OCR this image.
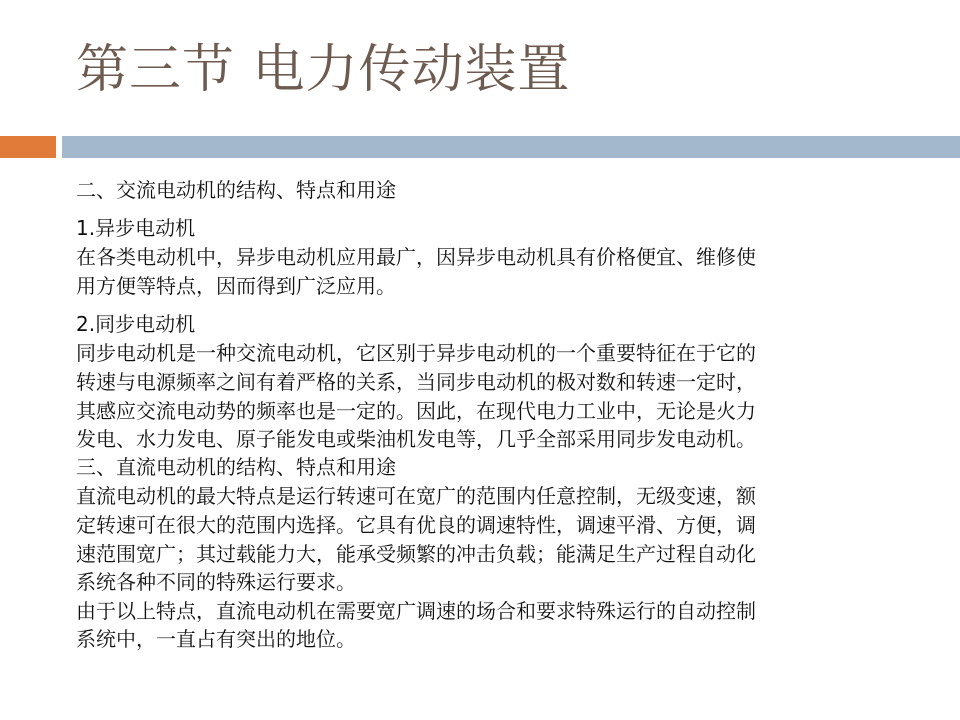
第三节 电力传动装置
二、交流电动机的结构、特点和用途
1.异步电动机
在各类电动机中，异步电动机应用最广，因异步电动机具有价格便宜、维修使
用方便等特点，因而得到广泛应用。
2.同步电动机
同步电动机是一种交流电动机，它区别于异步电动机的一个重要特征在于它的
转速与电源频率之间有着严格的关系，当同步电动机的极对数和转速一定时，
其感应交流电动势的频率也是一定的。因此，在现代电力工业中，无论是火力
发电、水力发电、原子能发电或柴油机发电等，几乎全部采用同步发电动机。
三、直流电动机的结构、特点和用途
直流电动机的最大特点是运行转速可在宽广的范围内任意控制，无级变速，额
定转速可在很大的范围内选择。它具有优良的调速特性，调速平滑、方便，调
速范围宽广；其过载能力大，能承受频繁的冲击负载；能满足生产过程自动化
系统各种不同的特殊运行要求。
由于以上特点，直流电动机在需要宽广调速的场合和要求特殊运行的自动控制
系统中，一直占有突出的地位。
